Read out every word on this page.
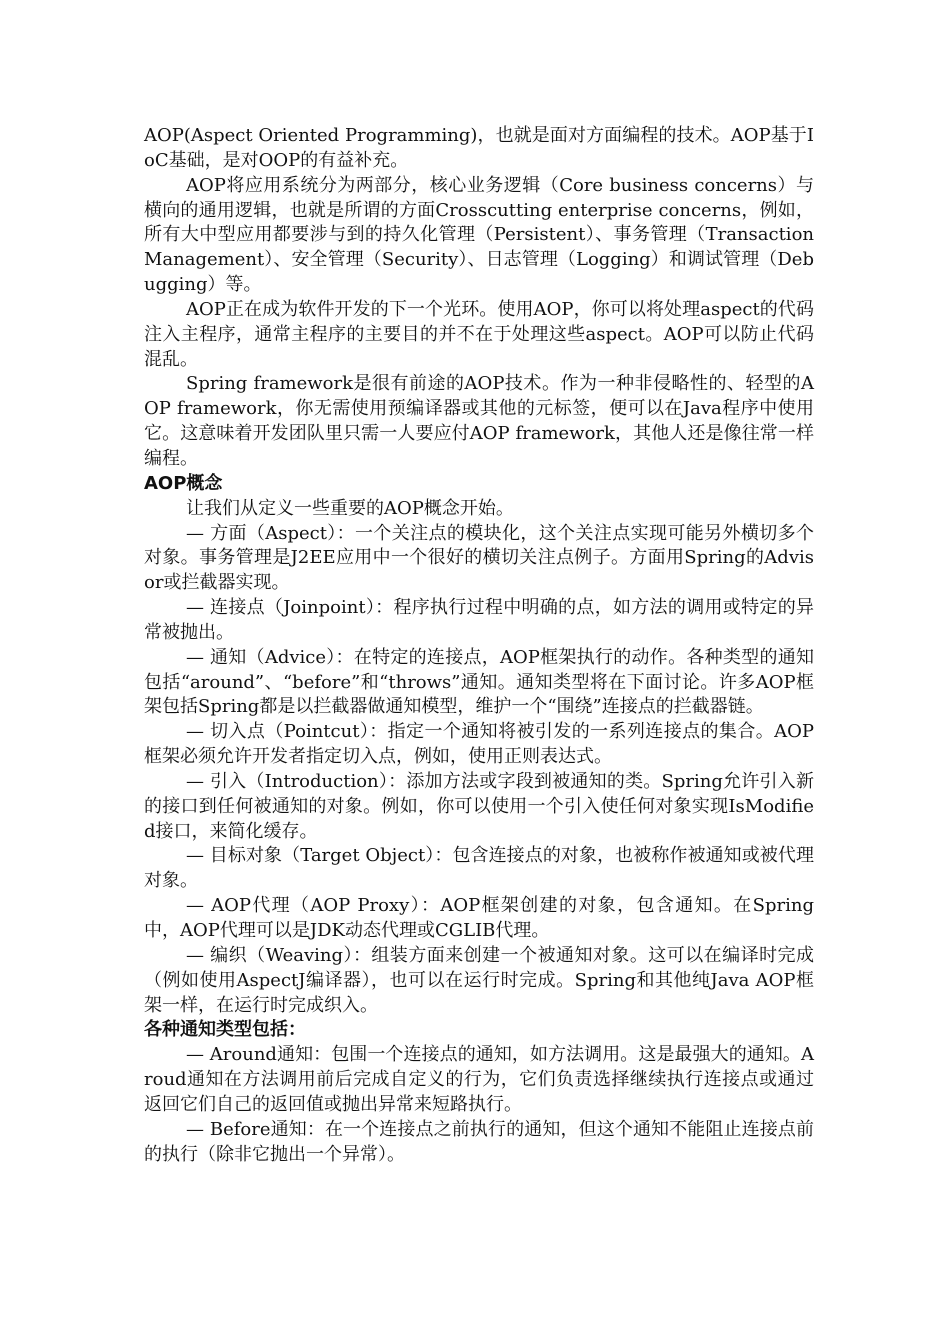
AOP(Aspect Oriented Programming)，也就是面对方面编程的技术。AOP基于IoC基础，是对OOP的有益补充。

AOP将应用系统分为两部分，核心业务逻辑（Core business concerns）与横向的通用逻辑，也就是所谓的方面Crosscutting enterprise concerns，例如，所有大中型应用都要涉与到的持久化管理（Persistent）、事务管理（Transaction Management）、安全管理（Security）、日志管理（Logging）和调试管理（Debugging）等。

AOP正在成为软件开发的下一个光环。使用AOP，你可以将处理aspect的代码注入主程序，通常主程序的主要目的并不在于处理这些aspect。AOP可以防止代码混乱。

Spring framework是很有前途的AOP技术。作为一种非侵略性的、轻型的AOP framework，你无需使用预编译器或其他的元标签，便可以在Java程序中使用它。这意味着开发团队里只需一人要应付AOP framework，其他人还是像往常一样编程。

AOP概念

让我们从定义一些重要的AOP概念开始。

— 方面（Aspect）：一个关注点的模块化，这个关注点实现可能另外横切多个对象。事务管理是J2EE应用中一个很好的横切关注点例子。方面用Spring的Advisor或拦截器实现。

— 连接点（Joinpoint）：程序执行过程中明确的点，如方法的调用或特定的异常被抛出。

— 通知（Advice）：在特定的连接点，AOP框架执行的动作。各种类型的通知包括“around”、“before”和“throws”通知。通知类型将在下面讨论。许多AOP框架包括Spring都是以拦截器做通知模型，维护一个“围绕”连接点的拦截器链。

— 切入点（Pointcut）：指定一个通知将被引发的一系列连接点的集合。AOP框架必须允许开发者指定切入点，例如，使用正则表达式。

— 引入（Introduction）：添加方法或字段到被通知的类。Spring允许引入新的接口到任何被通知的对象。例如，你可以使用一个引入使任何对象实现IsModified接口，来简化缓存。

— 目标对象（Target Object）：包含连接点的对象，也被称作被通知或被代理对象。

— AOP代理（AOP Proxy）：AOP框架创建的对象，包含通知。在Spring中，AOP代理可以是JDK动态代理或CGLIB代理。

— 编织（Weaving）：组装方面来创建一个被通知对象。这可以在编译时完成（例如使用AspectJ编译器），也可以在运行时完成。Spring和其他纯Java AOP框架一样，在运行时完成织入。

各种通知类型包括：

— Around通知：包围一个连接点的通知，如方法调用。这是最强大的通知。Aroud通知在方法调用前后完成自定义的行为，它们负责选择继续执行连接点或通过返回它们自己的返回值或抛出异常来短路执行。

— Before通知：在一个连接点之前执行的通知，但这个通知不能阻止连接点前的执行（除非它抛出一个异常）。
